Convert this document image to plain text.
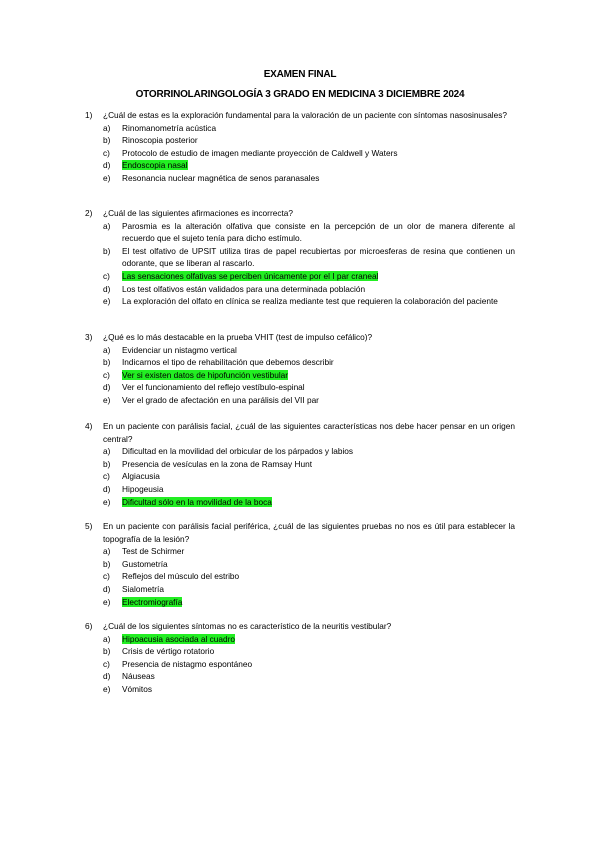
EXAMEN FINAL
OTORRINOLARINGOLOGÍA 3 GRADO EN MEDICINA 3 DICIEMBRE 2024
1) ¿Cuál de estas es la exploración fundamental para la valoración de un paciente con síntomas nasosinusales?
a) Rinomanometría acústica
b) Rinoscopia posterior
c) Protocolo de estudio de imagen mediante proyección de Caldwell y Waters
d) Endoscopia nasal
e) Resonancia nuclear magnética de senos paranasales
2) ¿Cuál de las siguientes afirmaciones es incorrecta?
a) Parosmia es la alteración olfativa que consiste en la percepción de un olor de manera diferente al recuerdo que el sujeto tenía para dicho estímulo.
b) El test olfativo de UPSIT utiliza tiras de papel recubiertas por microesferas de resina que contienen un odorante, que se liberan al rascarlo.
c) Las sensaciones olfativas se perciben únicamente por el I par craneal
d) Los test olfativos están validados para una determinada población
e) La exploración del olfato en clínica se realiza mediante test que requieren la colaboración del paciente
3) ¿Qué es lo más destacable en la prueba VHIT (test de impulso cefálico)?
a) Evidenciar un nistagmo vertical
b) Indicarnos el tipo de rehabilitación que debemos describir
c) Ver si existen datos de hipofunción vestibular
d) Ver el funcionamiento del reflejo vestíbulo-espinal
e) Ver el grado de afectación en una parálisis del VII par
4) En un paciente con parálisis facial, ¿cuál de las siguientes características nos debe hacer pensar en un origen central?
a) Dificultad en la movilidad del orbicular de los párpados y labios
b) Presencia de vesículas en la zona de Ramsay Hunt
c) Algiacusia
d) Hipogeusia
e) Dificultad sólo en la movilidad de la boca
5) En un paciente con parálisis facial periférica, ¿cuál de las siguientes pruebas no nos es útil para establecer la topografía de la lesión?
a) Test de Schirmer
b) Gustometría
c) Reflejos del músculo del estribo
d) Sialometría
e) Electromiografía
6) ¿Cuál de los siguientes síntomas no es característico de la neuritis vestibular?
a) Hipoacusia asociada al cuadro
b) Crisis de vértigo rotatorio
c) Presencia de nistagmo espontáneo
d) Náuseas
e) Vómitos
